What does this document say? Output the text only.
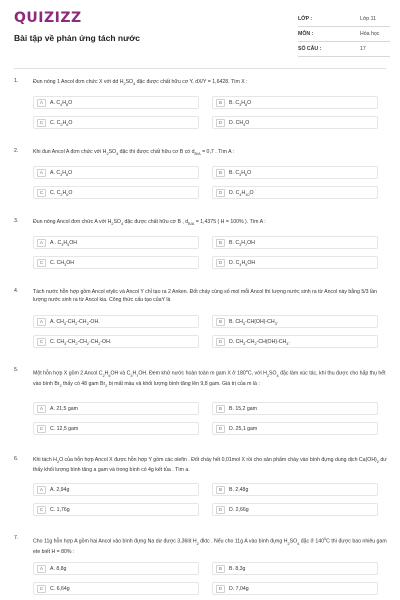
QUIZIZZ
Bài tập về phản ứng tách nước
LỚP :	Lớp 11
MÔN :	Hóa học
SỐ CÂU :	17
1.	Đun nóng 1 Ancol đơn chức X với dd $H_2SO_4$ đặc được chất hữu cơ Y, dX/Y = 1,6428. Tìm X :
A	A. $C_4H_8O$	B	B. $C_3H_8O$
C	C. $C_2H_6O$	D	D. $CH_4O$
2.	Khi đun Ancol A đơn chức với $H_2SO_4$ đặc thì được chất hữu cơ B có $d_{B/A} = 0,7$ . Tìm A :
A	A. $C_3H_8O$	B	B. $C_3H_6O$
C	C. $C_2H_6O$	D	D. $C_4H_{10}O$
3.	Đun nóng Ancol đơn chức A với $H_2SO_4$ đặc được chất hữu cơ B , $d_{B/A} = 1,4375$ ( H = 100% ). Tìm A :
A	A . $C_3H_5OH$	B	B. $C_3H_7OH$
C	C. $CH_3OH$	D	D. $C_4H_9OH$
4.	Tách nước hỗn hợp gồm Ancol etylic và Ancol Y chỉ tạo ra 2 Anken. Đốt cháy cùng số mol mỗi Ancol thì lượng nước sinh ra từ Ancol này bằng 5/3 lần lượng nước sinh ra từ Ancol kia. Công thức cấu tạo củaY là
A	A. $CH_3-CH_2-CH_2-OH$.	B	B. $CH_3-CH(OH)-CH_3$.
C	C. $CH_3-CH_2-CH_2-CH_2-OH$.	D	D. $CH_3-CH_2-CH(OH)-CH_3$.
5.
Một hỗn hợp X gồm 2 Ancol $C_2H_5OH$ và $C_3H_7OH$. Đem khử nước hoàn toàn m gam X ở 180$^o$C, với $H_2SO_4$ đặc làm xúc tác, khí thu được cho hấp thụ hết vào bình $Br_2$ thấy có 48 gam $Br_2$ bị mất màu và khối lượng bình tăng lên 9,8 gam. Giá trị của m là :
A	A. 21,5 gam	B	B. 15,2 gam
C	C. 12,5 gam	D	D. 25,1 gam
6.	Khi tách $H_2O$ của hỗn hợp Ancol X được hỗn hợp Y gồm các olefin . Đốt cháy hết 0,01mol X rồi cho sản phẩm cháy vào bình đựng dung dịch $Ca(OH)_2$ dư thấy khối lượng bình tăng a gam và trong bình có 4g kết tủa . Tìm a.
A	A. 2,94g	B	B. 2,48g
C	C. 1,76g	D	D. 2,66g
7.
Cho 11g hỗn hợp A gồm hai Ancol vào bình đựng Na dư được 3,36lít $H_2$ đktc . Nếu cho 11g A vào bình đựng $H_2SO_4$ đặc ở $140^0C$ thì được bao nhiêu gam ete biết H = 80% :
A	A. 8,8g	B	B. 8,3g
C	C. 6,64g	D	D. 7,04g
